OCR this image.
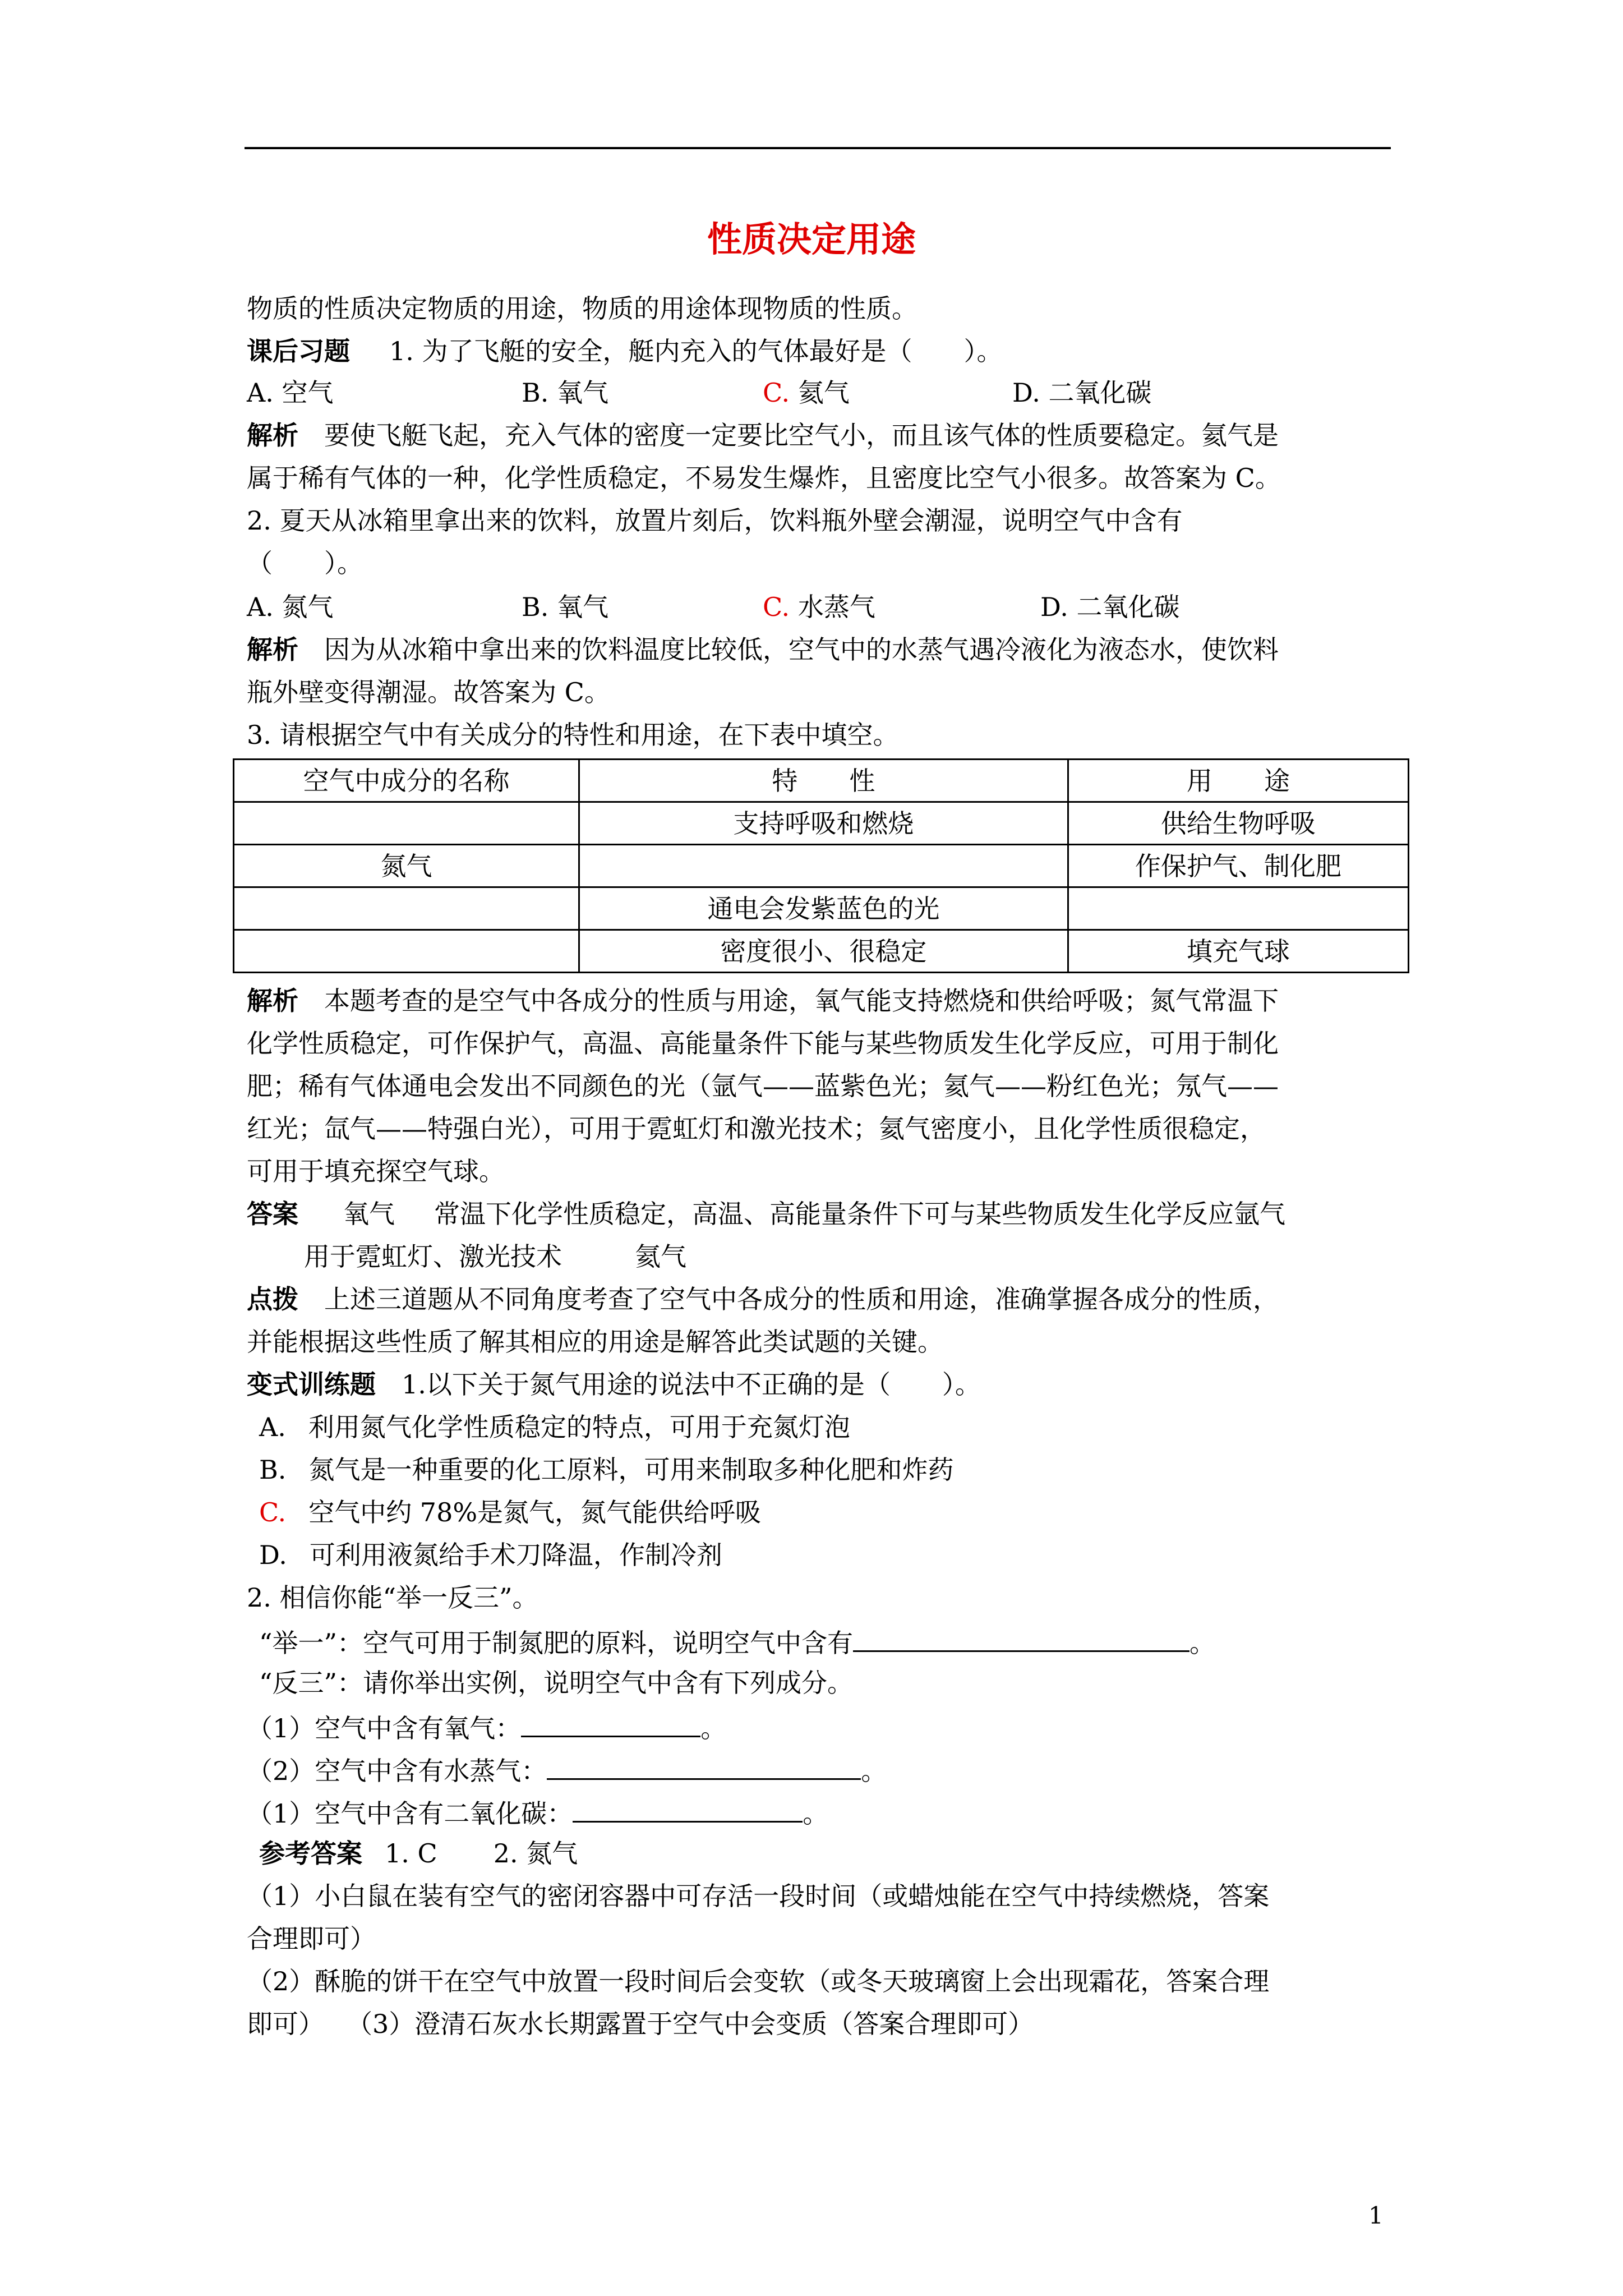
性质决定用途
物质的性质决定物质的用途，物质的用途体现物质的性质。
课后习题 1. 为了飞艇的安全，艇内充入的气体最好是（　　）。
A. 空气	B. 氧气	C. 氦气	D. 二氧化碳
解析 要使飞艇飞起，充入气体的密度一定要比空气小，而且该气体的性质要稳定。氦气是
属于稀有气体的一种，化学性质稳定，不易发生爆炸，且密度比空气小很多。故答案为 C。
2. 夏天从冰箱里拿出来的饮料，放置片刻后，饮料瓶外壁会潮湿，说明空气中含有
（　　）。
A. 氮气	B. 氧气	C. 水蒸气	D. 二氧化碳
解析 因为从冰箱中拿出来的饮料温度比较低，空气中的水蒸气遇冷液化为液态水，使饮料
瓶外壁变得潮湿。故答案为 C。
3. 请根据空气中有关成分的特性和用途，在下表中填空。
空气中成分的名称	特　　性	用　　途
	支持呼吸和燃烧	供给生物呼吸
氮气		作保护气、制化肥
	通电会发紫蓝色的光	
	密度很小、很稳定	填充气球
解析 本题考查的是空气中各成分的性质与用途，氧气能支持燃烧和供给呼吸；氮气常温下
化学性质稳定，可作保护气，高温、高能量条件下能与某些物质发生化学反应，可用于制化
肥；稀有气体通电会发出不同颜色的光（氩气——蓝紫色光；氦气——粉红色光；氖气——
红光；氙气——特强白光），可用于霓虹灯和激光技术；氦气密度小，且化学性质很稳定，
可用于填充探空气球。
答案 氧气 常温下化学性质稳定，高温、高能量条件下可与某些物质发生化学反应氩气
用于霓虹灯、激光技术	氦气
点拨 上述三道题从不同角度考查了空气中各成分的性质和用途，准确掌握各成分的性质，
并能根据这些性质了解其相应的用途是解答此类试题的关键。
变式训练题 1.以下关于氮气用途的说法中不正确的是（　　）。
A. 利用氮气化学性质稳定的特点，可用于充氮灯泡
B. 氮气是一种重要的化工原料，可用来制取多种化肥和炸药
C. 空气中约 78%是氮气，氮气能供给呼吸
D. 可利用液氮给手术刀降温，作制冷剂
2. 相信你能“举一反三”。
“举一”：空气可用于制氮肥的原料，说明空气中含有	。
“反三”：请你举出实例，说明空气中含有下列成分。
（1）空气中含有氧气：	。
（2）空气中含有水蒸气：	。
（1）空气中含有二氧化碳：	。
参考答案 1. C 2. 氮气
（1）小白鼠在装有空气的密闭容器中可存活一段时间（或蜡烛能在空气中持续燃烧，答案
合理即可）
（2）酥脆的饼干在空气中放置一段时间后会变软（或冬天玻璃窗上会出现霜花，答案合理
即可） （3）澄清石灰水长期露置于空气中会变质（答案合理即可）
1
